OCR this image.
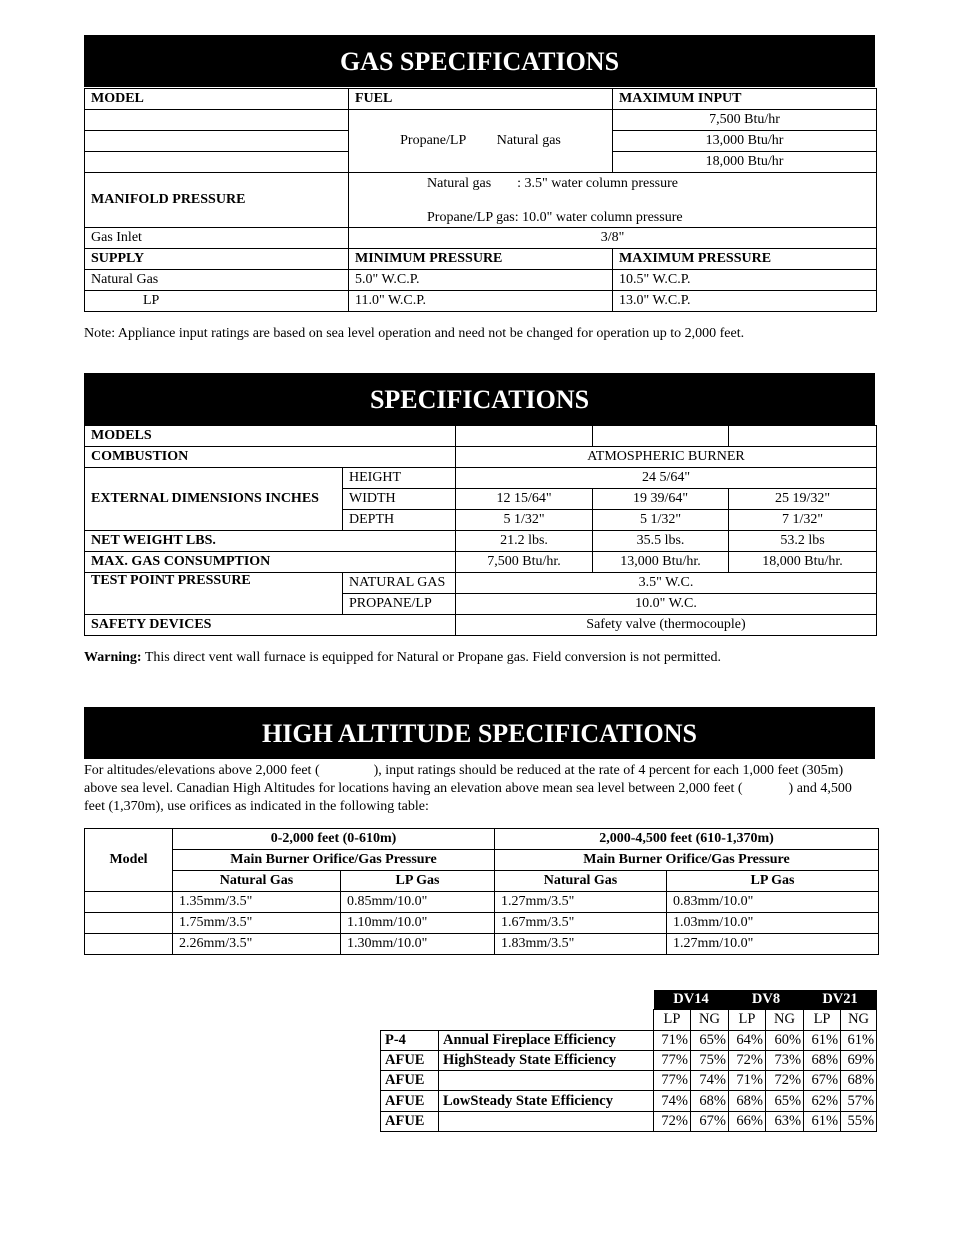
GAS SPECIFICATIONS
MODEL	FUEL	MAXIMUM INPUT
	Propane/LP Natural gas	7,500 Btu/hr
		13,000 Btu/hr
		18,000 Btu/hr
MANIFOLD PRESSURE	Natural gas : 3.5" water column pressure
Propane/LP gas: 10.0" water column pressure	

Gas Inlet	3/8"	
SUPPLY	MINIMUM PRESSURE	MAXIMUM PRESSURE
Natural Gas	5.0" W.C.P.	10.5" W.C.P.
LP	11.0" W.C.P.	13.0" W.C.P.
Note: Appliance input ratings are based on sea level operation and need not be changed for operation up to 2,000 feet.
SPECIFICATIONS
MODELS				
COMBUSTION		ATMOSPHERIC BURNER		
EXTERNAL DIMENSIONS INCHES	HEIGHT	24 5/64"		
	WIDTH	12 15/64"	19 39/64"	25 19/32"
	DEPTH	5 1/32"	5 1/32"	7 1/32"
NET WEIGHT LBS.		21.2 lbs.	35.5 lbs.	53.2 lbs
MAX. GAS CONSUMPTION		7,500 Btu/hr.	13,000 Btu/hr.	18,000 Btu/hr.
TEST POINT PRESSURE	NATURAL GAS	3.5" W.C.		
	PROPANE/LP	10.0" W.C.		
SAFETY DEVICES		Safety valve (thermocouple)		
Warning: This direct vent wall furnace is equipped for Natural or Propane gas. Field conversion is not permitted.
HIGH ALTITUDE SPECIFICATIONS
For altitudes/elevations above 2,000 feet (	), input ratings should be reduced at the rate of 4 percent for each 1,000 feet (305m)
above sea level. Canadian High Altitudes for locations having an elevation above mean sea level between 2,000 feet (	) and 4,500
feet (1,370m), use orifices as indicated in the following table:
Model	0-2,000 feet (0-610m)		2,000-4,500 feet (610-1,370m)	
	Main Burner Orifice/Gas Pressure		Main Burner Orifice/Gas Pressure	
	Natural Gas	LP Gas	Natural Gas	LP Gas
	1.35mm/3.5"	0.85mm/10.0"	1.27mm/3.5"	0.83mm/10.0"
	1.75mm/3.5"	1.10mm/10.0"	1.67mm/3.5"	1.03mm/10.0"
	2.26mm/3.5"	1.30mm/10.0"	1.83mm/3.5"	1.27mm/10.0"
		DV14		DV8		DV21	
		LP	NG	LP	NG	LP	NG
P-4	Annual Fireplace Efficiency	71%	65%	64%	60%	61%	61%
AFUE	HighSteady State Efficiency	77%	75%	72%	73%	68%	69%
AFUE		77%	74%	71%	72%	67%	68%
AFUE	LowSteady State Efficiency	74%	68%	68%	65%	62%	57%
AFUE		72%	67%	66%	63%	61%	55%
